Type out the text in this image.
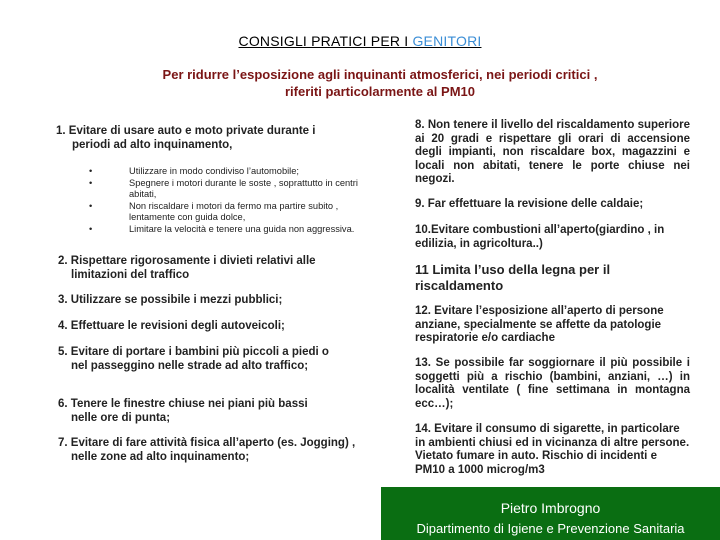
CONSIGLI PRATICI PER I GENITORI
Per ridurre l’esposizione agli inquinanti atmosferici, nei periodi critici ,
riferiti particolarmente al PM10
1. Evitare di usare auto e moto private durante i
periodi ad alto inquinamento,
•	Utilizzare in modo condiviso l’automobile;
•	Spegnere i motori durante le soste , soprattutto in centri abitati,
•	Non riscaldare i motori da fermo ma partire subito , lentamente con guida dolce,
•	Limitare la velocità e tenere una guida non aggressiva.
2. Rispettare rigorosamente i divieti relativi alle limitazioni del traffico
3. Utilizzare se possibile i mezzi pubblici;
4. Effettuare le revisioni degli autoveicoli;
5. Evitare di portare i bambini più piccoli a piedi o nel passeggino nelle strade ad alto traffico;
6. Tenere le finestre chiuse nei piani più bassi nelle ore di punta;
7. Evitare di fare attività fisica all’aperto (es. Jogging) , nelle zone ad alto inquinamento;
8. Non tenere il livello del riscaldamento superiore ai 20 gradi e rispettare gli orari di accensione degli impianti, non riscaldare box, magazzini e locali non abitati, tenere le porte chiuse nei negozi.
9. Far effettuare la revisione delle caldaie;
10.Evitare combustioni all’aperto(giardino , in edilizia, in agricoltura..)
11 Limita l’uso della legna per il riscaldamento
12. Evitare l’esposizione all’aperto di persone anziane, specialmente se affette da patologie respiratorie e/o cardiache
13. Se possibile far soggiornare il più possibile i soggetti più a rischio (bambini, anziani, …) in località ventilate ( fine settimana in montagna ecc…);
14. Evitare il consumo di sigarette, in particolare in ambienti chiusi ed in vicinanza di altre persone. Vietato fumare in auto. Rischio di incidenti e PM10 a 1000 microg/m3
Pietro Imbrogno
Dipartimento di Igiene e Prevenzione Sanitaria
